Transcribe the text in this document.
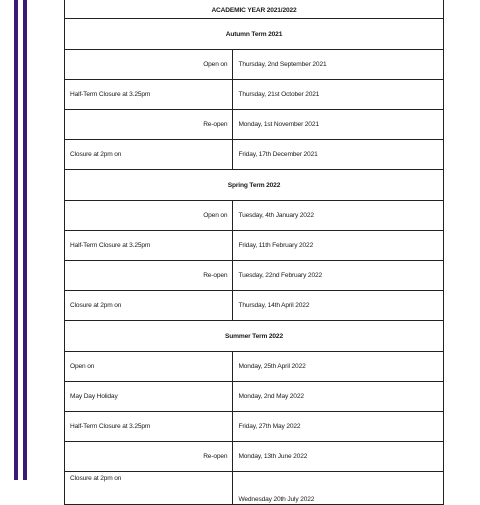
ACADEMIC YEAR 2021/2022	
Autumn Term 2021	
Open on	Thursday, 2nd September 2021
Half-Term Closure at 3.25pm	Thursday, 21st October 2021
Re-open	Monday, 1st November 2021
Closure at 2pm on	Friday, 17th December 2021
Spring Term 2022	
Open on	Tuesday, 4th January 2022
Half-Term Closure at 3.25pm	Friday, 11th February 2022
Re-open	Tuesday, 22nd February 2022
Closure at 2pm on	Thursday, 14th April 2022
Summer Term 2022	
Open on	Monday, 25th April 2022
May Day Holiday	Monday, 2nd May 2022
Half-Term Closure at 3.25pm	Friday, 27th May 2022
Re-open	Monday, 13th June 2022
Closure at 2pm on	Wednesday 20th July 2022
